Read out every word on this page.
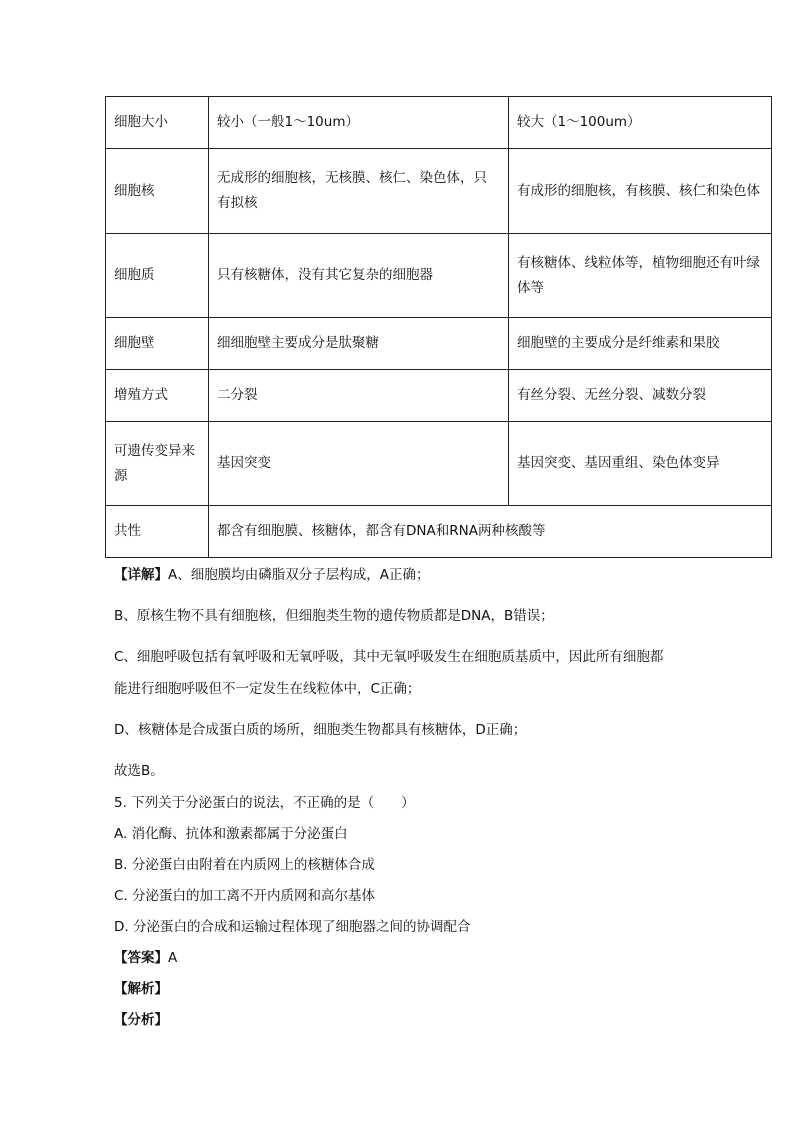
细胞大小	较小（一般1～10um）	较大（1～100um）
细胞核	无成形的细胞核，无核膜、核仁、染色体，只有拟核	有成形的细胞核，有核膜、核仁和染色体
细胞质	只有核糖体，没有其它复杂的细胞器	有核糖体、线粒体等，植物细胞还有叶绿体等
细胞壁	细细胞壁主要成分是肽聚糖	细胞壁的主要成分是纤维素和果胶
增殖方式	二分裂	有丝分裂、无丝分裂、减数分裂
可遗传变异来源	基因突变	基因突变、基因重组、染色体变异
共性	都含有细胞膜、核糖体，都含有DNA和RNA两种核酸等	
【详解】A、细胞膜均由磷脂双分子层构成，A正确；
B、原核生物不具有细胞核，但细胞类生物的遗传物质都是DNA，B错误；
C、细胞呼吸包括有氧呼吸和无氧呼吸，其中无氧呼吸发生在细胞质基质中，因此所有细胞都
能进行细胞呼吸但不一定发生在线粒体中，C正确；
D、核糖体是合成蛋白质的场所，细胞类生物都具有核糖体，D正确；
故选B。
5. 下列关于分泌蛋白的说法，不正确的是（　　）
A. 消化酶、抗体和激素都属于分泌蛋白
B. 分泌蛋白由附着在内质网上的核糖体合成
C. 分泌蛋白的加工离不开内质网和高尔基体
D. 分泌蛋白的合成和运输过程体现了细胞器之间的协调配合
【答案】A
【解析】
【分析】
